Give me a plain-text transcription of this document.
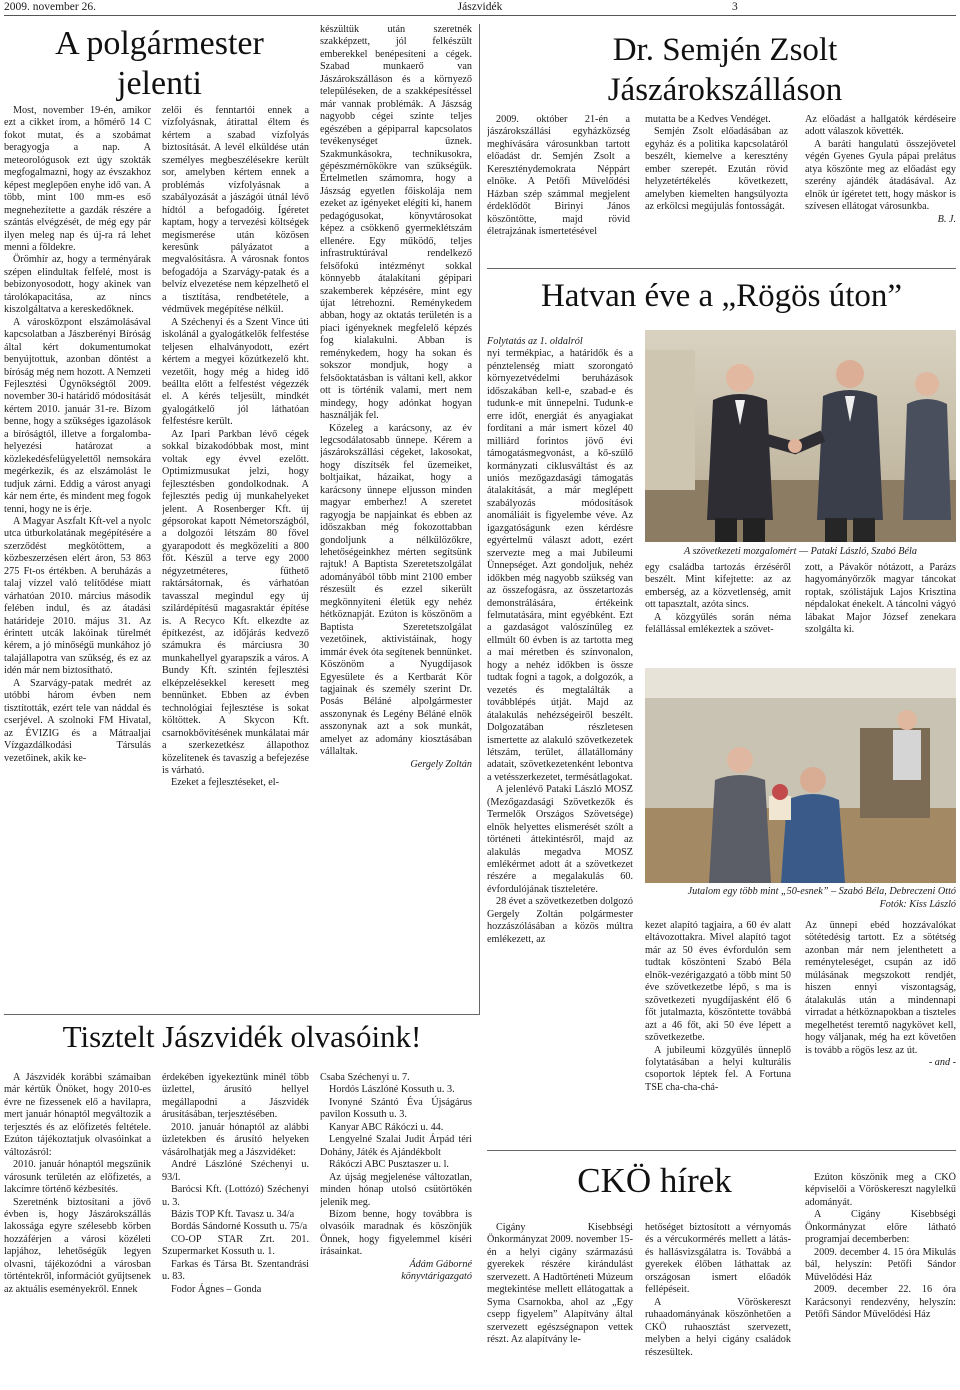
2009. november 26.	Jászvidék	3
A polgármester jelenti

Most, november 19-én, amikor ezt a cikket írom, a hőmérő 14 C fokot mutat, és a szobámat beragyogja a nap. A meteorológusok ezt úgy szokták megfogalmazni, hogy az évszakhoz képest meglepően enyhe idő van. A több, mint 100 mm-es eső megnehezítette a gazdák részére a szántás elvégzését, de még egy pár ilyen meleg nap és új-ra rá lehet menni a földekre.

Örömhír az, hogy a terményárak szépen elindultak felfelé, most is bebizonyosodott, hogy akinek van tárolókapacitása, az nincs kiszolgáltatva a kereskedőknek.

A városközpont elszámolásával kapcsolatban a Jászberényi Bíróság által kért dokumentumokat benyújtottuk, azonban döntést a bíróság még nem hozott. A Nemzeti Fejlesztési Ügynökségtől 2009. november 30-i határidő módosítását kértem 2010. január 31-re. Bízom benne, hogy a szükséges igazolások a bíróságtól, illetve a forgalomba-helyezési határozat a közlekedésfelügyelettől nemsokára megérkezik, és az elszámolást le tudjuk zárni. Eddig a várost anyagi kár nem érte, és mindent meg fogok tenni, hogy ne is érje.

A Magyar Aszfalt Kft-vel a nyolc utca útburkolatának megépítésére a szerződést megkötöttem, a közbeszerzésen elért áron, 53 863 275 Ft-os értékben. A beruházás a talaj vízzel való telítődése miatt várhatóan 2010. március második felében indul, és az átadási határideje 2010. május 31. Az érintett utcák lakóinak türelmét kérem, a jó minőségű munkához jó talajállapotra van szükség, és ez az idén már nem biztosítható.

A Szarvágy-patak medrét az utóbbi három évben nem tisztították, ezért tele van náddal és cserjével. A szolnoki FM Hivatal, az ÉVIZIG és a Mátraaljai Vízgazdálkodási Társulás vezetőinek, akik ke-

zelői és fenntartói ennek a vízfolyásnak, átirattal éltem és kértem a szabad vízfolyás biztosítását. A levél elküldése után személyes megbeszélésekre került sor, amelyben kértem ennek a problémás vízfolyásnak a szabályozását a jászágói útnál lévő hídtól a befogadóig. Ígéretet kaptam, hogy a tervezési költségek megismerése után közösen keresünk pályázatot a megvalósításra. A városnak fontos befogadója a Szarvágy-patak és a belvíz elvezetése nem képzelhető el a tisztítása, rendbetétele, a védművek megépítése nélkül.

A Széchenyi és a Szent Vince úti iskolánál a gyalogátkelők felfestése teljesen elhalványodott, ezért kértem a megyei közútkezelő kht. vezetőit, hogy még a hideg idő beállta előtt a felfestést végezzék el. A kérés teljesült, mindkét gyalogátkelő jól láthatóan felfestésre került.

Az Ipari Parkban lévő cégek sokkal bizakodóbbak most, mint voltak egy évvel ezelőtt. Optimizmusukat jelzi, hogy fejlesztésben gondolkodnak. A fejlesztés pedig új munkahelyeket jelent. A Rosenberger Kft. új gépsorokat kapott Németországból, a dolgozói létszám 80 fővel gyarapodott és megközelíti a 800 főt. Készül a terve egy 2000 négyzetméteres, fűthető raktársátornak, és várhatóan tavasszal megindul egy új szilárdépítésű magasraktár építése is. A Recyco Kft. elkezdte az építkezést, az időjárás kedvező számukra és márciusra 30 munkahellyel gyarapszik a város. A Bundy Kft. szintén fejlesztési elképzelésekkel keresett meg bennünket. Ebben az évben technológiai fejlesztése is sokat költöttek. A Skycon Kft. csarnokbővítésének munkálatai már a szerkezetkész állapothoz közelítenek és tavaszig a befejezése is várható.

Ezeket a fejlesztéseket, el-

készültük után szeretnék szakképzett, jól felkészült emberekkel benépesíteni a cégek. Szabad munkaerő van Jászárokszálláson és a környező településeken, de a szakképesítéssel már vannak problémák. A Jászság nagyobb cégei szinte teljes egészében a gépiparral kapcsolatos tevékenységet űznek. Szakmunkásokra, technikusokra, gépészmérnökökre van szükségük. Értelmetlen számomra, hogy a Jászság egyetlen főiskolája nem ezeket az igényeket elégíti ki, hanem pedagógusokat, könyvtárosokat képez a csökkenő gyermeklétszám ellenére. Egy működő, teljes infrastruktúrával rendelkező felsőfokú intézményt sokkal könnyebb átalakítani gépipari szakemberek képzésére, mint egy újat létrehozni. Reménykedem abban, hogy az oktatás területén is a piaci igényeknek megfelelő képzés fog kialakulni. Abban is reménykedem, hogy ha sokan és sokszor mondjuk, hogy a felsőoktatásban is váltani kell, akkor ott is történik valami, mert nem mindegy, hogy adónkat hogyan használják fel.

Közeleg a karácsony, az év legcsodálatosabb ünnepe. Kérem a jászárokszállási cégeket, lakosokat, hogy díszítsék fel üzemeiket, boltjaikat, házaikat, hogy a karácsony ünnepe eljusson minden magyar emberhez! A szeretet ragyogja be napjainkat és ebben az időszakban még fokozottabban gondoljunk a nélkülözőkre, lehetőségeinkhez mérten segítsünk rajtuk! A Baptista Szeretetszolgálat adományából több mint 2100 ember részesült és ezzel sikerült megkönnyíteni életük egy nehéz hétköznapját. Ezúton is köszönöm a Baptista Szeretetszolgálat vezetőinek, aktivistáinak, hogy immár évek óta segítenek bennünket. Köszönöm a Nyugdíjasok Egyesülete és a Kertbarát Kör tagjainak és személy szerint Dr. Posás Béláné alpolgármester asszonynak és Legény Béláné elnök asszonynak azt a sok munkát, amelyet az adomány kiosztásában vállaltak.

Gergely Zoltán

Dr. Semjén Zsolt Jászárokszálláson

2009. október 21-én a jászárokszállási egyházközség meghívására városunkban tartott előadást dr. Semjén Zsolt a Kereszténydemokrata Néppárt elnöke. A Petőfi Művelődési Házban szép számmal megjelent érdeklődőt Birinyi János köszöntötte, majd rövid életrajzának ismertetésével

mutatta be a Kedves Vendéget.

Semjén Zsolt előadásában az egyház és a politika kapcsolatáról beszélt, kiemelve a keresztény ember szerepét. Ezután rövid helyzetértékelés következett, amelyben kiemelten hangsúlyozta az erkölcsi megújulás fontosságát.

Az előadást a hallgatók kérdéseire adott válaszok követték.

A baráti hangulatú összejövetel végén Gyenes Gyula pápai prelátus atya köszönte meg az előadást egy szerény ajándék átadásával. Az elnök úr ígéretet tett, hogy máskor is szívesen ellátogat városunkba.

B. J.

Hatvan éve a „Rögös úton”

Folytatás az 1. oldalról

nyi termékpiac, a határidők és a pénztelenség miatt szorongató környezetvédelmi beruházások időszakában kell-e, szabad-e és tudunk-e mit ünnepelni. Tudunk-e erre időt, energiát és anyagiakat fordítani a már ismert közel 40 milliárd forintos jövő évi támogatásmegvonást, a kő-szűlő kormányzati ciklusváltást és az uniós mezőgazdasági támogatás átalakítását, a már meglépett szabályozás módosítások anomáliáit is figyelembe véve. Az igazgatóságunk ezen kérdésre egyértelmű választ adott, ezért szervezte meg a mai Jubileumi Ünnepséget. Azt gondoljuk, nehéz időkben még nagyobb szükség van az összefogásra, az összetartozás demonstrálására, értékeink felmutatására, mint egyébként. Ezt a gazdaságot valószínűleg ez ellmúlt 60 évben is az tartotta meg a mai méretben és színvonalon, hogy a nehéz időkben is össze tudtak fogni a tagok, a dolgozók, a vezetés és megtalálták a továbblépés útját. Majd az átalakulás nehézségeiről beszélt. Dolgozatában részletesen ismertette az alakuló szövetkezetek létszám, terület, állatállomány adatait, szövetkezetenként lebontva a vetésszerkezetet, termésátlagokat.

A jelenlévő Pataki László MOSZ (Mezőgazdasági Szövetkezők és Termelők Országos Szövetsége) elnök helyettes elismerését szólt a történeti áttekintésről, majd az alakulás megadva MOSZ emlékérmet adott át a szövetkezet részére a megalakulás 60. évfordulójának tiszteletére.

28 évet a szövetkezetben dolgozó Gergely Zoltán polgármester hozzászólásában a közös múltra emlékezett, az

A szövetkezeti mozgalomért — Pataki László, Szabó Béla

egy családba tartozás érzéséről beszélt. Mint kifejtette: az az emberség, az a közvetlenség, amit ott tapasztalt, azóta sincs.

A közgyűlés során néma felállással emlékeztek a szövet-

zott, a Pávakör nótázott, a Parázs hagyományőrzők magyar táncokat roptak, szólistájuk Lajos Krisztina népdalokat énekelt. A táncolni vágyó lábakat Major József zenekara szolgálta ki.

Jutalom egy több mint „50-esnek” – Szabó Béla, Debreczeni Ottó
Fotók: Kiss László

kezet alapító tagjaira, a 60 év alatt eltávozottakra. Mivel alapító tagot már az 50 éves évfordulón sem tudtak köszönteni Szabó Béla elnök-vezérigazgató a több mint 50 éve szövetkezetbe lépő, s ma is szövetkezeti nyugdíjasként élő 6 főt jutalmazta, köszöntette továbbá azt a 46 főt, aki 50 éve lépett a szövetkezetbe.

A jubileumi közgyűlés ünneplő folytatásában a helyi kulturális csoportok léptek fel. A Fortuna TSE cha-cha-chá-

Az ünnepi ebéd hozzávalókat sötétedésig tartott. Ez a sötétség azonban már nem jelenthetett a reményteleséget, csupán az idő múlásának megszokott rendjét, hiszen ennyi viszontagság, átalakulás után a mindennapi virradat a hétköznapokban a tiszteles megelhetést teremtő nagykövet kell, hogy váljanak, még ha ezt követően is tovább a rögös lesz az út.

- and -

Tisztelt Jászvidék olvasóink!

A Jászvidék korábbi számaiban már kértük Önöket, hogy 2010-es évre ne fizessenek elő a havilapra, mert január hónaptól megváltozik a terjesztés és az előfizetés feltétele. Ezúton tájékoztatjuk olvasóinkat a változásról:

2010. január hónaptól megszűnik városunk területén az előfizetés, a lakcímre történő kézbesítés.

Szeretnénk biztosítani a jövő évben is, hogy Jászárokszállás lakossága egyre szélesebb körben hozzáférjen a városi közéleti lapjához, lehetőségük legyen olvasni, tájékozódni a városban történtekről, információt gyűjtsenek az aktuális eseményekről. Ennek

érdekében igyekeztünk minél több üzlettel, árusító hellyel megállapodni a Jászvidék árusításában, terjesztésében.

2010. január hónaptól az alábbi üzletekben és árusító helyeken vásárolhatják meg a Jászvidéket:

André Lászlóné Széchenyi u. 93/l.

Barócsi Kft. (Lottózó) Széchenyi u. 3.

Bázis TOP Kft. Tavasz u. 34/a

Bordás Sándorné Kossuth u. 75/a

CO-OP STAR Zrt. 201. Szupermarket Kossuth u. 1.

Farkas és Társa Bt. Szentandrási u. 83.

Fodor Ágnes – Gonda

Csaba Széchenyi u. 7.

Hordós Lászlóné Kossuth u. 3.

Ivonyné Szántó Éva Újságárus pavilon Kossuth u. 3.

Kanyar ABC Rákóczi u. 44.

Lengyelné Szalai Judit Árpád téri Dohány, Játék és Ajándékbolt

Rákóczi ABC Pusztaszer u. l.

Az újság megjelenése változatlan, minden hónap utolsó csütörtökén jelenik meg.

Bízom benne, hogy továbbra is olvasóik maradnak és köszönjük Önnek, hogy figyelemmel kíséri írásainkat.

Ádám Gáborné

könyvtárigazgató

CKÖ hírek

Cigány Kisebbségi Önkormányzat 2009. november 15-én a helyi cigány származású gyerekek részére kirándulást szervezett. A Hadtörténeti Múzeum megtekintése mellett ellátogattak a Syma Csarnokba, ahol az „Egy csepp figyelem” Alapítvány által szervezett egészségnapon vettek részt. Az alapítvány le-

hetőséget biztosított a vérnyomás és a vércukormérés mellett a látás- és hallásvizsgálatra is. Továbbá a gyerekek élőben láthattak az országosan ismert előadók fellépéseit.

A Vöröskereszt ruhaadományának köszönhetően a CKÖ ruhaosztást szervezett, melyben a helyi cigány családok részesültek.

Ezúton köszönik meg a CKÖ képviselői a Vöröskereszt nagylelkű adományát.

A Cigány Kisebbségi Önkormányzat előre látható programjai decemberben:

2009. december 4. 15 óra Mikulás bál, helyszín: Petőfi Sándor Művelődési Ház

2009. december 22. 16 óra Karácsonyi rendezvény, helyszín: Petőfi Sándor Művelődési Ház
